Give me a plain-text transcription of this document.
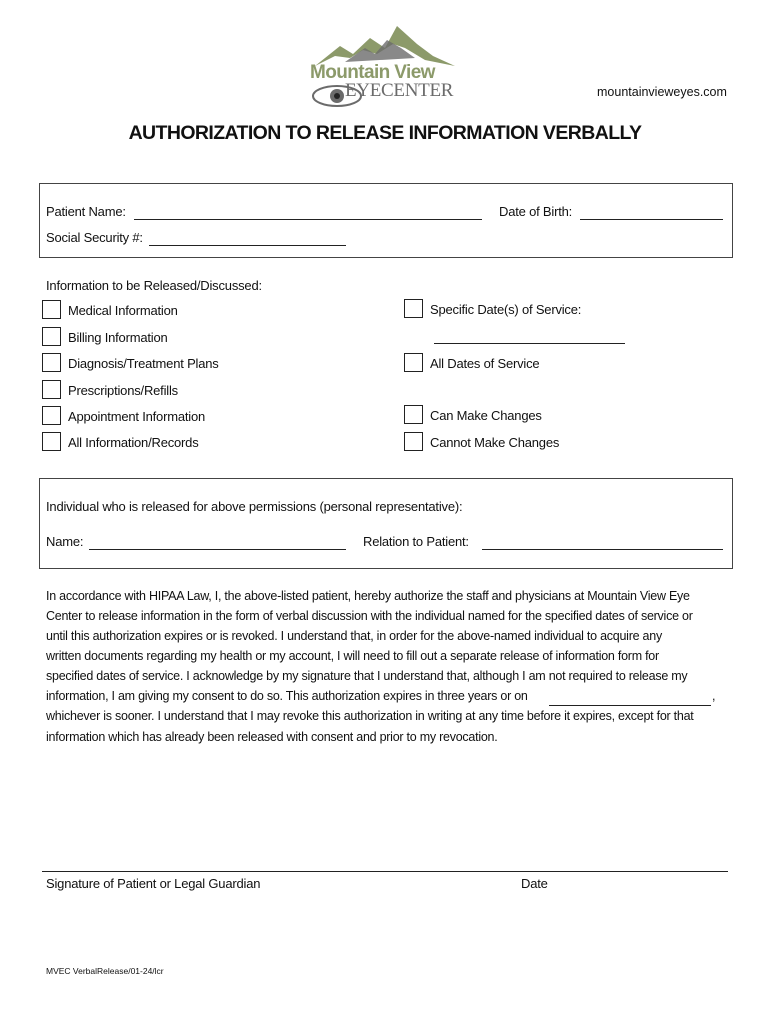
Mountain View
EYECENTER	mountainvieweyes.com
AUTHORIZATION TO RELEASE INFORMATION VERBALLY
Patient Name:	Date of Birth:
Social Security #:
Information to be Released/Discussed:
Medical Information
Billing Information
Diagnosis/Treatment Plans
Prescriptions/Refills
Appointment Information
All Information/Records
Specific Date(s) of Service:
All Dates of Service
Can Make Changes
Cannot Make Changes
Individual who is released for above permissions (personal representative):
Name:	Relation to Patient:
In accordance with HIPAA Law, I, the above-listed patient, hereby authorize the staff and physicians at Mountain View Eye
Center to release information in the form of verbal discussion with the individual named for the specified dates of service or
until this authorization expires or is revoked. I understand that, in order for the above-named individual to acquire any
written documents regarding my health or my account, I will need to fill out a separate release of information form for
specified dates of service. I acknowledge by my signature that I understand that, although I am not required to release my
information, I am giving my consent to do so. This authorization expires in three years or on	,
whichever is sooner. I understand that I may revoke this authorization in writing at any time before it expires, except for that
information which has already been released with consent and prior to my revocation.
Signature of Patient or Legal Guardian	Date
MVEC VerbalRelease/01-24/lcr
